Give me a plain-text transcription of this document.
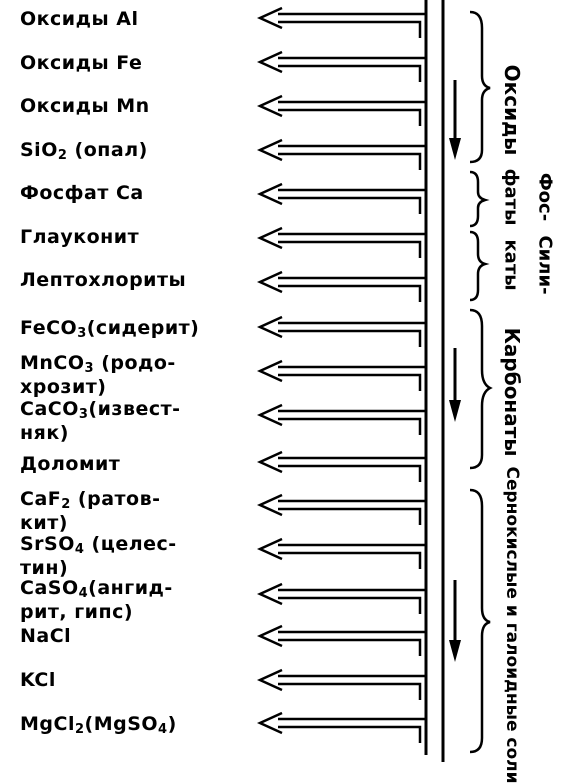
Оксиды Al
Оксиды Fe
Оксиды Mn
SiO$_2$ (опал)
Фосфат Ca
Глауконит
Лептохлориты
FeCO$_3$(сидерит)
MnCO$_3$ (родо-
хрозит)
CaCO$_3$(извест-
няк)
Доломит
CaF$_2$ (ратов-
кит)
SrSO$_4$ (целес-
тин)
CaSO$_4$(ангид-
рит, гипс)
NaCl
KCl
MgCl$_2$(MgSO$_4$)
Оксиды
фаты Фос-
каты Сили-
Карбонаты
Сернокислые и галоидные соли
